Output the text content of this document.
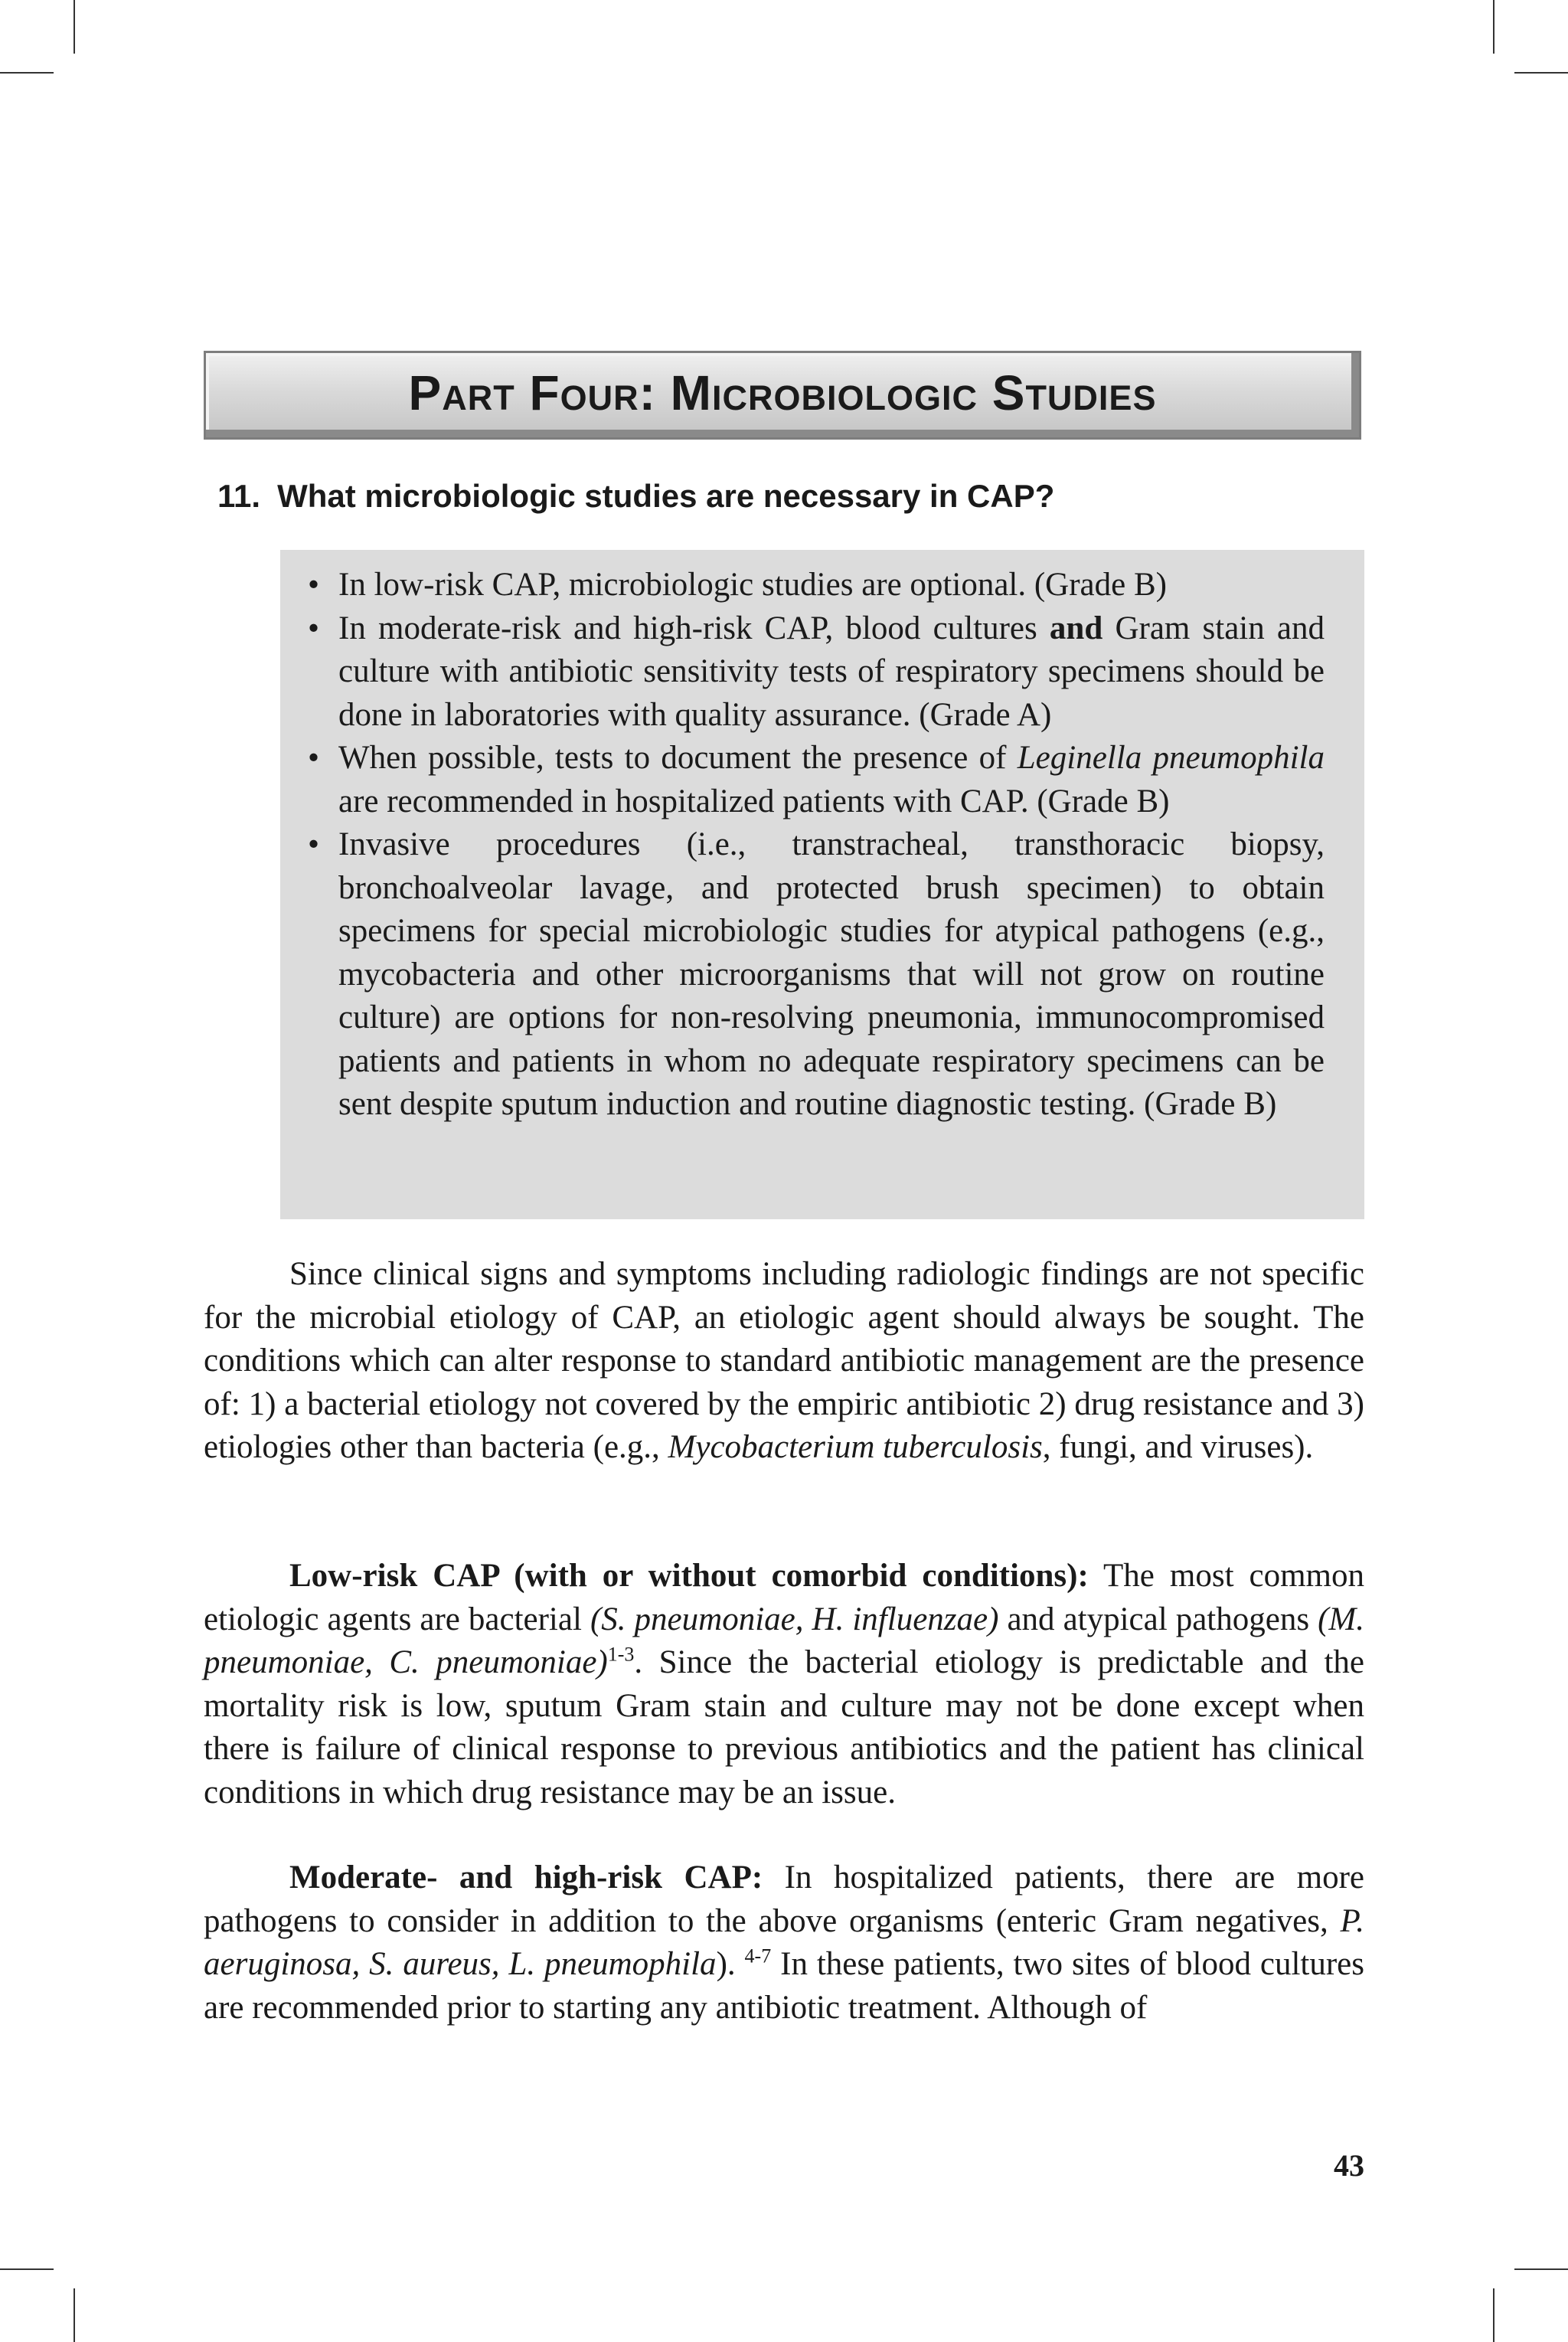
Part Four: Microbiologic Studies
11. What microbiologic studies are necessary in CAP?
• In low-risk CAP, microbiologic studies are optional. (Grade B)
• In moderate-risk and high-risk CAP, blood cultures and Gram stain and culture with antibiotic sensitivity tests of respiratory specimens should be done in laboratories with quality assurance. (Grade A)
• When possible, tests to document the presence of Leginella pneumophila are recommended in hospitalized patients with CAP. (Grade B)
• Invasive procedures (i.e., transtracheal, transthoracic biopsy, bronchoalveolar lavage, and protected brush specimen) to obtain specimens for special microbiologic studies for atypical pathogens (e.g., mycobacteria and other microorganisms that will not grow on routine culture) are options for non-resolving pneumonia, immunocompromised patients and patients in whom no adequate respiratory specimens can be sent despite sputum induction and routine diagnostic testing. (Grade B)

Since clinical signs and symptoms including radiologic findings are not specific for the microbial etiology of CAP, an etiologic agent should always be sought. The conditions which can alter response to standard antibiotic management are the presence of: 1) a bacterial etiology not covered by the empiric antibiotic 2) drug resistance and 3) etiologies other than bacteria (e.g., Mycobacterium tuberculosis, fungi, and viruses).

Low-risk CAP (with or without comorbid conditions): The most common etiologic agents are bacterial (S. pneumoniae, H. influenzae) and atypical pathogens (M. pneumoniae, C. pneumoniae)$^{1-3}$. Since the bacterial etiology is predictable and the mortality risk is low, sputum Gram stain and culture may not be done except when there is failure of clinical response to previous antibiotics and the patient has clinical conditions in which drug resistance may be an issue.

Moderate- and high-risk CAP: In hospitalized patients, there are more pathogens to consider in addition to the above organisms (enteric Gram negatives, P. aeruginosa, S. aureus, L. pneumophila). $^{4-7}$ In these patients, two sites of blood cultures are recommended prior to starting any antibiotic treatment. Although of

43
